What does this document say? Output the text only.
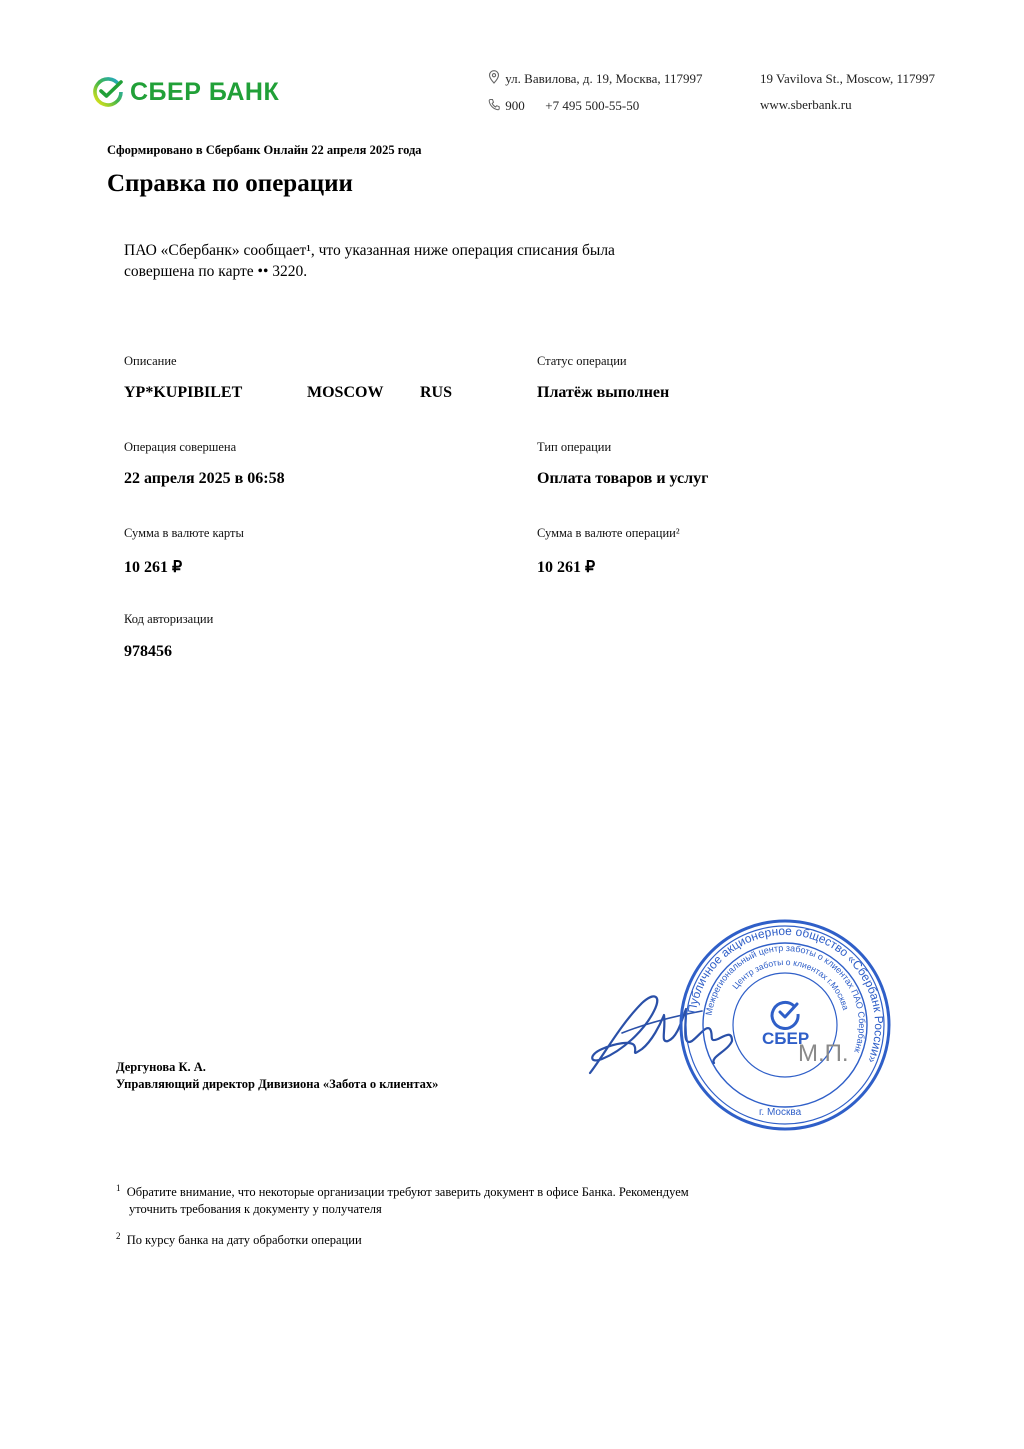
СБЕР БАНК	ул. Вавилова, д. 19, Москва, 117997
900 +7 495 500-55-50
19 Vavilova St., Moscow, 117997
www.sberbank.ru
Сформировано в Сбербанк Онлайн 22 апреля 2025 года
Справка по операции
ПАО «Сбербанк» сообщает¹, что указанная ниже операция списания была
совершена по карте •• 3220.
Описание
YP*KUPIBILET	MOSCOW RUS
Операция совершена
22 апреля 2025 в 06:58
Сумма в валюте карты
10 261 ₽
Код авторизации
978456
Статус операции
Платёж выполнен
Тип операции
Оплата товаров и услуг
Сумма в валюте операции²
10 261 ₽
Дергунова К. А.
Управляющий директор Дивизиона «Забота о клиентах»
Публичное акционерное общество «Сбербанк России»
Межрегиональный центр заботы о клиентах ПАО Сбербанк
Центр заботы о клиентах г.Москва
СБЕР
г. Москва
М.П.
$^1$ Обратите внимание, что некоторые организации требуют заверить документ в офисе Банка. Рекомендуем
уточнить требования к документу у получателя
$^2$ По курсу банка на дату обработки операции
